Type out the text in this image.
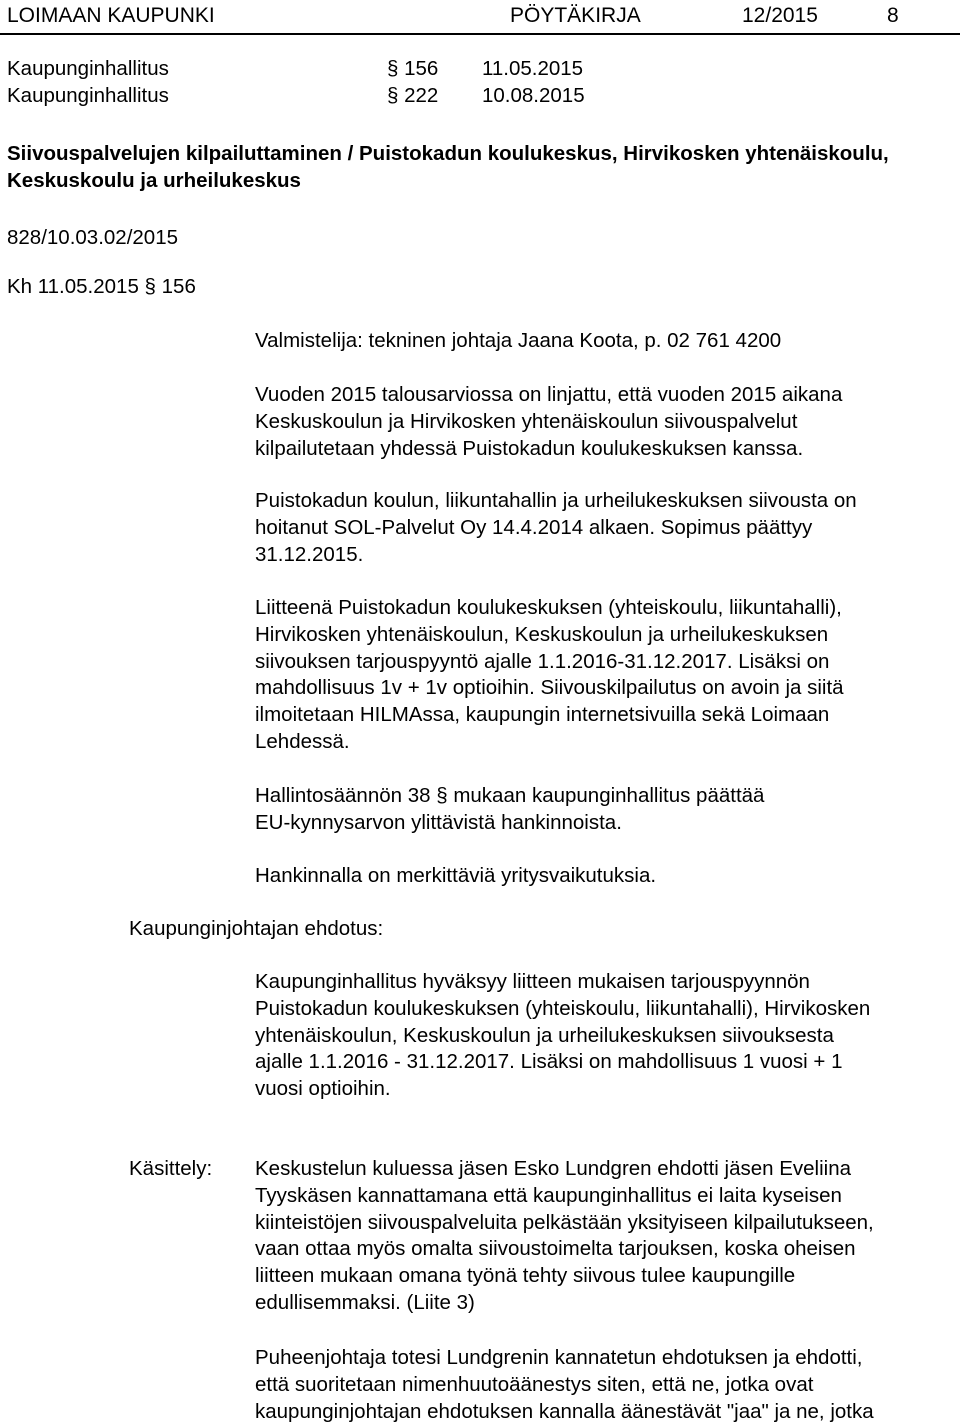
LOIMAAN KAUPUNKI	PÖYTÄKIRJA	12/2015	8
Kaupunginhallitus	§ 156 11.05.2015
Kaupunginhallitus	§ 222 10.08.2015
Siivouspalvelujen kilpailuttaminen / Puistokadun koulukeskus, Hirvikosken yhtenäiskoulu, Keskuskoulu ja urheilukeskus
828/10.03.02/2015
Kh 11.05.2015 § 156
Valmistelija: tekninen johtaja Jaana Koota, p. 02 761 4200
Vuoden 2015 talousarviossa on linjattu, että vuoden 2015 aikana
Keskuskoulun ja Hirvikosken yhtenäiskoulun siivouspalvelut
kilpailutetaan yhdessä Puistokadun koulukeskuksen kanssa.
Puistokadun koulun, liikuntahallin ja urheilukeskuksen siivousta on
hoitanut SOL-Palvelut Oy 14.4.2014 alkaen. Sopimus päättyy
31.12.2015.
Liitteenä Puistokadun koulukeskuksen (yhteiskoulu, liikuntahalli),
Hirvikosken yhtenäiskoulun, Keskuskoulun ja urheilukeskuksen
siivouksen tarjouspyyntö ajalle 1.1.2016-31.12.2017. Lisäksi on
mahdollisuus 1v + 1v optioihin. Siivouskilpailutus on avoin ja siitä
ilmoitetaan HILMAssa, kaupungin internetsivuilla sekä Loimaan
Lehdessä.
Hallintosäännön 38 § mukaan kaupunginhallitus päättää
EU-kynnysarvon ylittävistä hankinnoista.
Hankinnalla on merkittäviä yritysvaikutuksia.
Kaupunginjohtajan ehdotus:
Kaupunginhallitus hyväksyy liitteen mukaisen tarjouspyynnön
Puistokadun koulukeskuksen (yhteiskoulu, liikuntahalli), Hirvikosken
yhtenäiskoulun, Keskuskoulun ja urheilukeskuksen siivouksesta
ajalle 1.1.2016 - 31.12.2017. Lisäksi on mahdollisuus 1 vuosi + 1
vuosi optioihin.
Käsittely: Keskustelun kuluessa jäsen Esko Lundgren ehdotti jäsen Eveliina
Tyyskäsen kannattamana että kaupunginhallitus ei laita kyseisen
kiinteistöjen siivouspalveluita pelkästään yksityiseen kilpailutukseen,
vaan ottaa myös omalta siivoustoimelta tarjouksen, koska oheisen
liitteen mukaan omana työnä tehty siivous tulee kaupungille
edullisemmaksi. (Liite 3)
Puheenjohtaja totesi Lundgrenin kannatetun ehdotuksen ja ehdotti,
että suoritetaan nimenhuutoäänestys siten, että ne, jotka ovat
kaupunginjohtajan ehdotuksen kannalla äänestävät "jaa" ja ne, jotka
